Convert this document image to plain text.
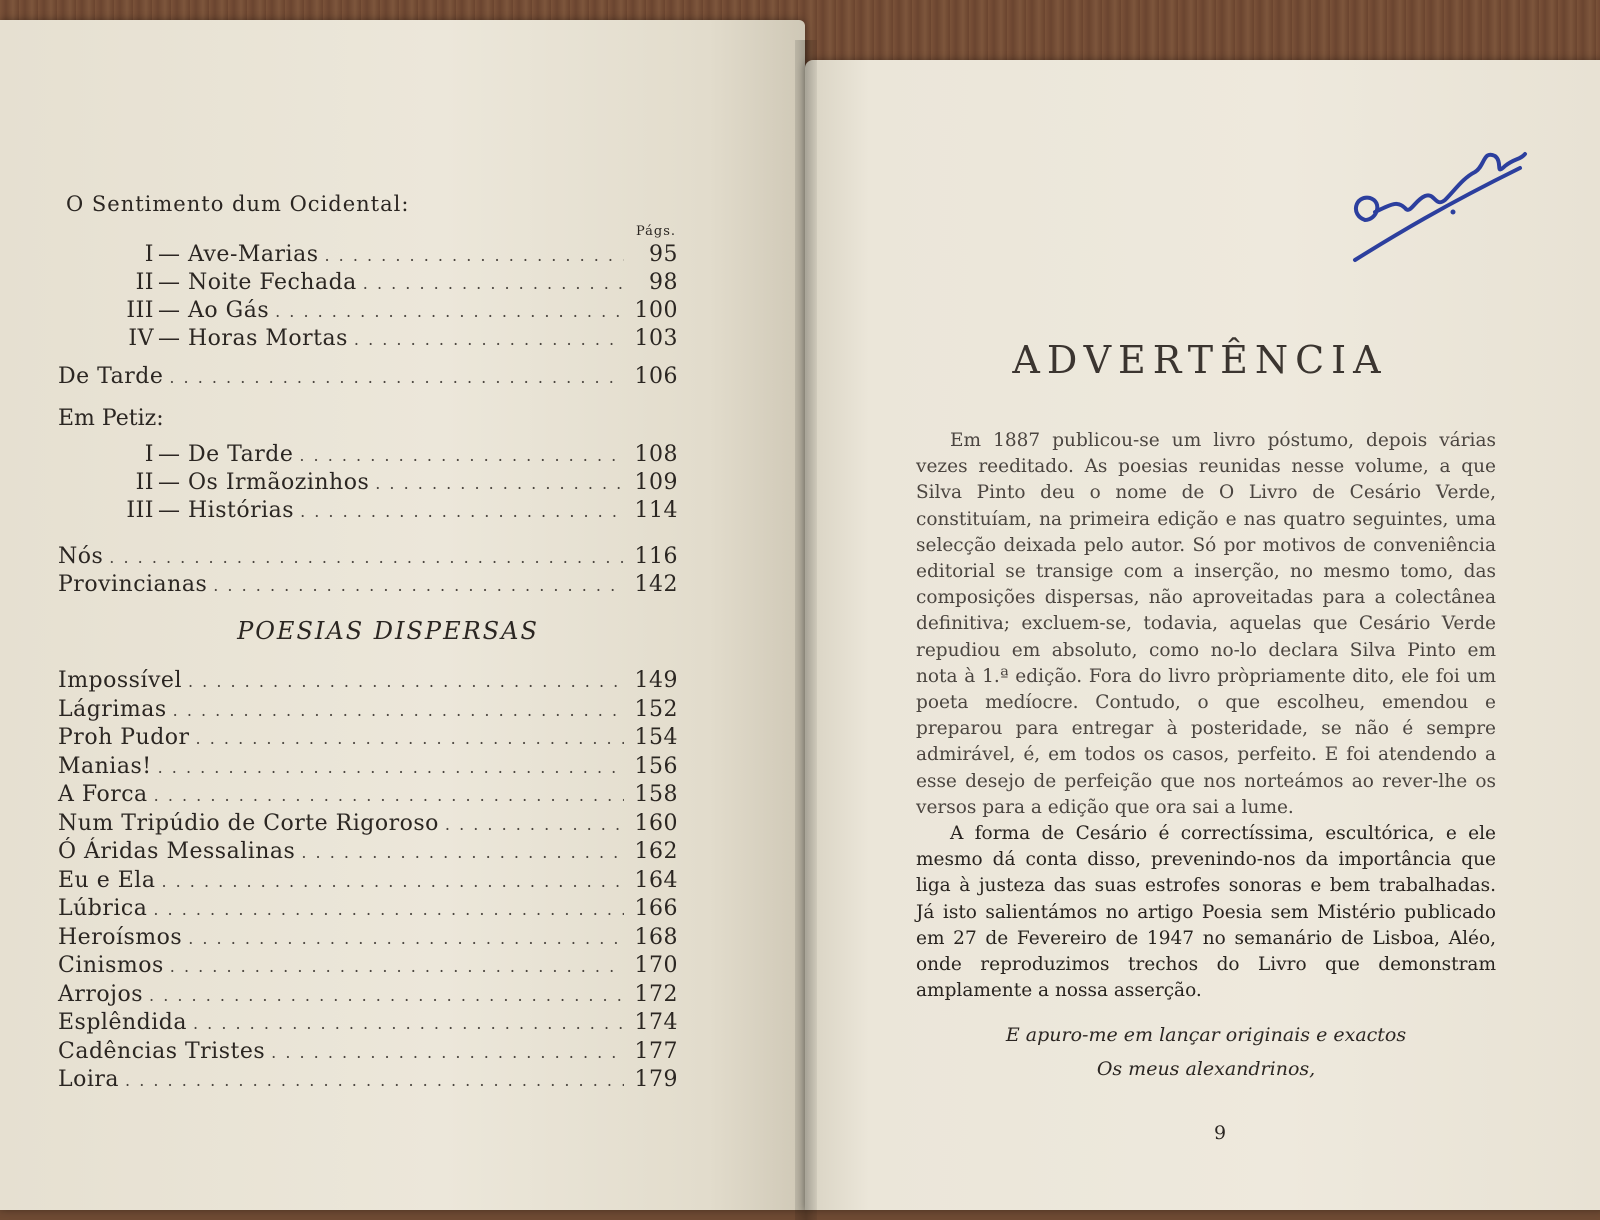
O Sentimento dum Ocidental:
Págs.
I — Ave-Marias . . .	95
II — Noite Fechada . . .	98
III — Ao Gás . . .	100
IV — Horas Mortas . . .	103
De Tarde . . .	106
Em Petiz:
I — De Tarde . . .	108
II — Os Irmãozinhos . . .	109
III — Histórias . . .	114
Nós . . .	116
Provincianas . . .	142
POESIAS DISPERSAS
Impossível . . .	149
Lágrimas . . .	152
Proh Pudor . . .	154
Manias! . . .	156
A Forca . . .	158
Num Tripúdio de Corte Rigoroso . . .	160
Ó Áridas Messalinas . . .	162
Eu e Ela . . .	164
Lúbrica . . .	166
Heroísmos . . .	168
Cinismos . . .	170
Arrojos . . .	172
Esplêndida . . .	174
Cadências Tristes . . .	177
Loira . . .	179
ADVERTÊNCIA

Em 1887 publicou-se um livro póstumo, depois várias vezes reeditado. As poesias reunidas nesse volume, a que Silva Pinto deu o nome de O Livro de Cesário Verde, constituíam, na primeira edição e nas quatro seguintes, uma selecção deixada pelo autor. Só por motivos de conveniência editorial se transige com a inserção, no mesmo tomo, das composições dispersas, não aproveitadas para a colectânea definitiva; excluem-se, todavia, aquelas que Cesário Verde repudiou em absoluto, como no-lo declara Silva Pinto em nota à 1.ª edição. Fora do livro pròpriamente dito, ele foi um poeta medíocre. Contudo, o que escolheu, emendou e preparou para entregar à posteridade, se não é sempre admirável, é, em todos os casos, perfeito. E foi atendendo a esse desejo de perfeição que nos norteámos ao rever-lhe os versos para a edição que ora sai a lume.

A forma de Cesário é correctíssima, escultórica, e ele mesmo dá conta disso, prevenindo-nos da importância que liga à justeza das suas estrofes sonoras e bem trabalhadas. Já isto salientámos no artigo Poesia sem Mistério publicado em 27 de Fevereiro de 1947 no semanário de Lisboa, Aléo, onde reproduzimos trechos do Livro que demonstram amplamente a nossa asserção.

E apuro-me em lançar originais e exactos
Os meus alexandrinos,
9
